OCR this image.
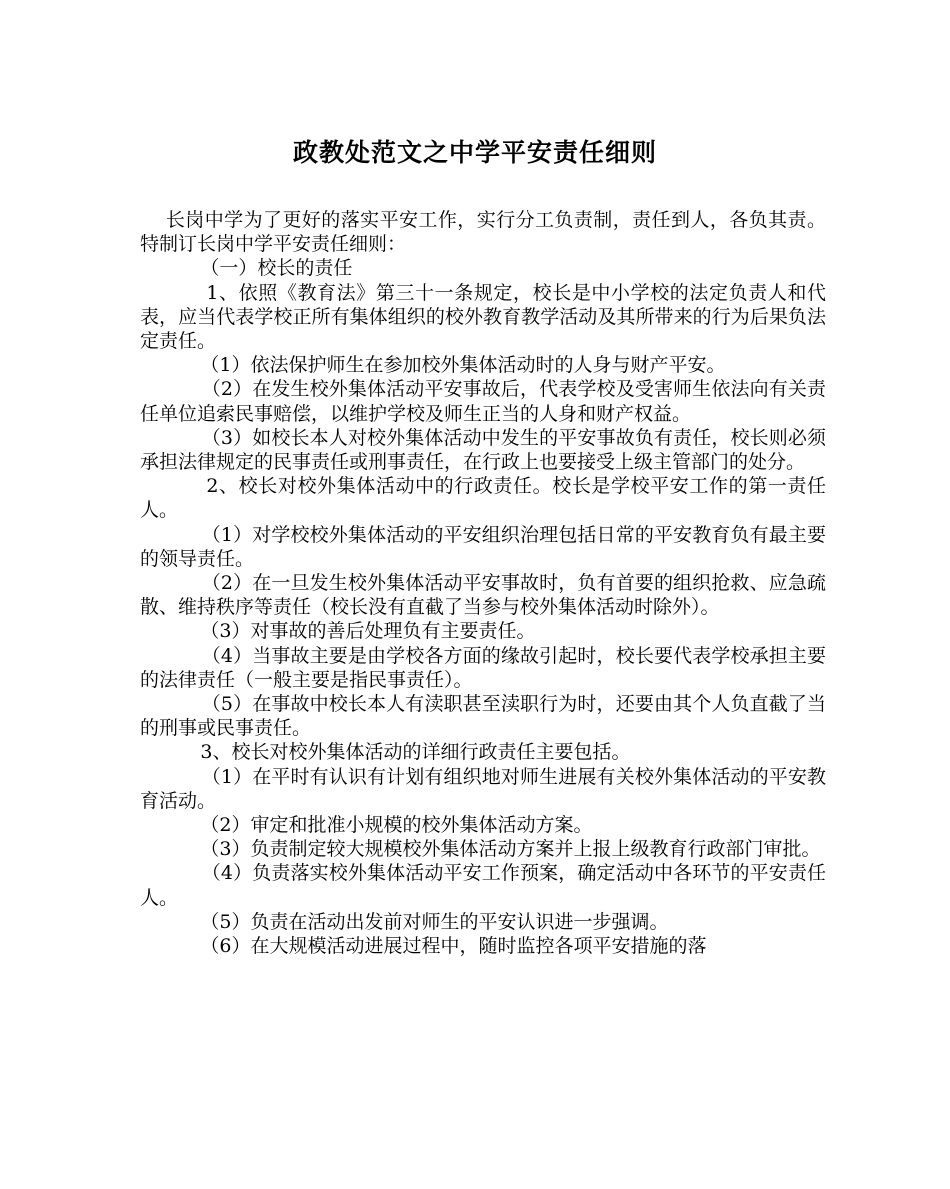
政教处范文之中学平安责任细则

长岗中学为了更好的落实平安工作，实行分工负责制，责任到人，各负其责。特制订长岗中学平安责任细则：

（一）校长的责任

1、依照《教育法》第三十一条规定，校长是中小学校的法定负责人和代表，应当代表学校正所有集体组织的校外教育教学活动及其所带来的行为后果负法定责任。

（1）依法保护师生在参加校外集体活动时的人身与财产平安。

（2）在发生校外集体活动平安事故后，代表学校及受害师生依法向有关责任单位追索民事赔偿，以维护学校及师生正当的人身和财产权益。

（3）如校长本人对校外集体活动中发生的平安事故负有责任，校长则必须承担法律规定的民事责任或刑事责任，在行政上也要接受上级主管部门的处分。

2、校长对校外集体活动中的行政责任。校长是学校平安工作的第一责任人。

（1）对学校校外集体活动的平安组织治理包括日常的平安教育负有最主要的领导责任。

（2）在一旦发生校外集体活动平安事故时，负有首要的组织抢救、应急疏散、维持秩序等责任（校长没有直截了当参与校外集体活动时除外）。

（3）对事故的善后处理负有主要责任。

（4）当事故主要是由学校各方面的缘故引起时，校长要代表学校承担主要的法律责任（一般主要是指民事责任）。

（5）在事故中校长本人有渎职甚至渎职行为时，还要由其个人负直截了当的刑事或民事责任。

3、校长对校外集体活动的详细行政责任主要包括。

（1）在平时有认识有计划有组织地对师生进展有关校外集体活动的平安教育活动。

（2）审定和批准小规模的校外集体活动方案。

（3）负责制定较大规模校外集体活动方案并上报上级教育行政部门审批。

（4）负责落实校外集体活动平安工作预案，确定活动中各环节的平安责任人。

（5）负责在活动出发前对师生的平安认识进一步强调。

（6）在大规模活动进展过程中，随时监控各项平安措施的落
